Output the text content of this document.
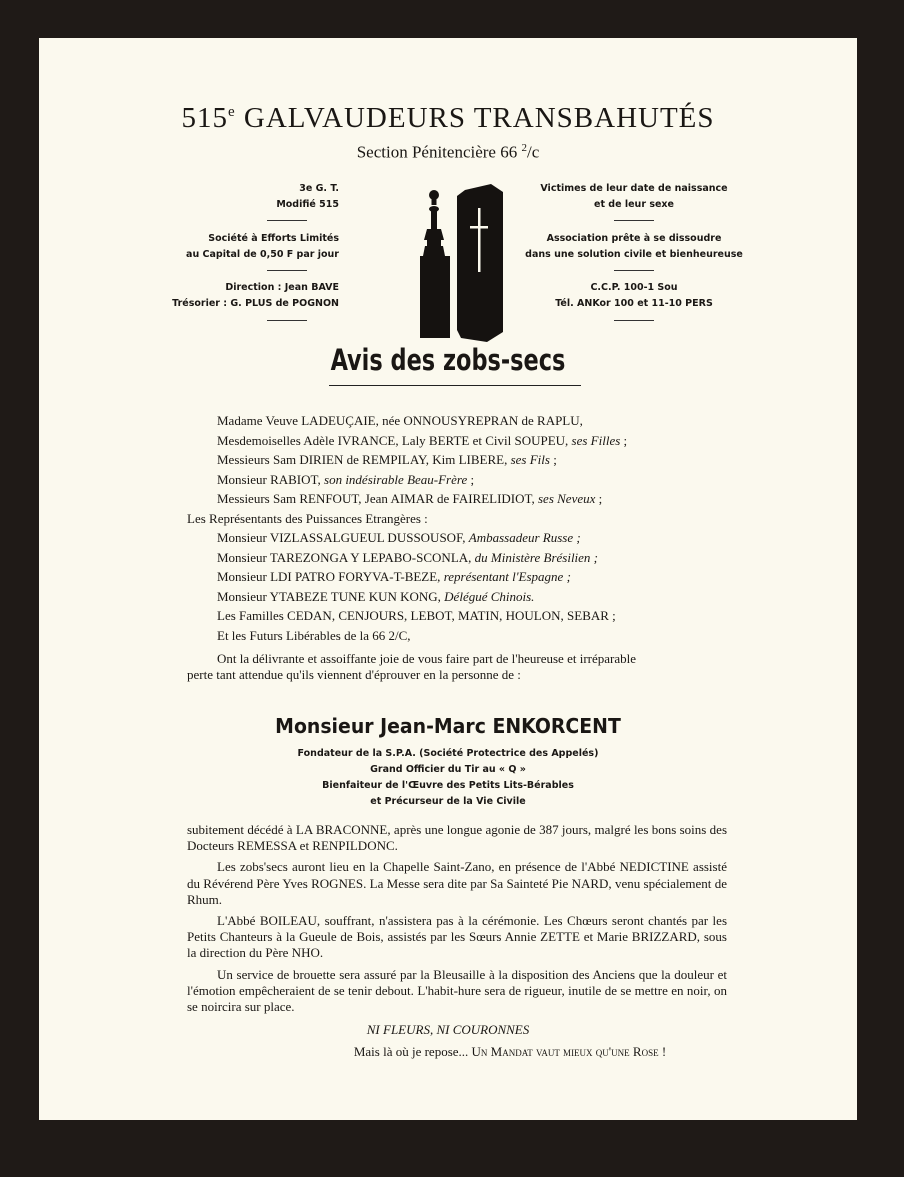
515e GALVAUDEURS TRANSBAHUTÉS
Section Pénitencière 66 $^2$/c
3e G. T.
Modifié 515
Société à Efforts Limités
au Capital de 0,50 F par jour
Direction : Jean BAVE
Trésorier : G. PLUS de POGNON
Victimes de leur date de naissance
et de leur sexe
Association prête à se dissoudre
dans une solution civile et bienheureuse
C.C.P. 100-1 Sou
Tél. ANKor 100 et 11-10 PERS
Avis des zobs-secs
Madame Veuve LADEUÇAIE, née ONNOUSYREPRAN de RAPLU,
Mesdemoiselles Adèle IVRANCE, Laly BERTE et Civil SOUPEU, ses Filles ;
Messieurs Sam DIRIEN de REMPILAY, Kim LIBERE, ses Fils ;
Monsieur RABIOT, son indésirable Beau-Frère ;
Messieurs Sam RENFOUT, Jean AIMAR de FAIRELIDIOT, ses Neveux ;
Les Représentants des Puissances Etrangères :
Monsieur VIZLASSALGUEUL DUSSOUSOF, Ambassadeur Russe ;
Monsieur TAREZONGA Y LEPABO-SCONLA, du Ministère Brésilien ;
Monsieur LDI PATRO FORYVA-T-BEZE, représentant l'Espagne ;
Monsieur YTABEZE TUNE KUN KONG, Délégué Chinois.
Les Familles CEDAN, CENJOURS, LEBOT, MATIN, HOULON, SEBAR ;
Et les Futurs Libérables de la 66 2/C,
Ont la délivrante et assoiffante joie de vous faire part de l'heureuse et irréparable
perte tant attendue qu'ils viennent d'éprouver en la personne de :
Monsieur Jean-Marc ENKORCENT
Fondateur de la S.P.A. (Société Protectrice des Appelés)
Grand Officier du Tir au « Q »
Bienfaiteur de l'Œuvre des Petits Lits-Bérables
et Précurseur de la Vie Civile

subitement décédé à LA BRACONNE, après une longue agonie de 387 jours, malgré les bons soins des Docteurs REMESSA et RENPILDONC.

Les zobs'secs auront lieu en la Chapelle Saint-Zano, en présence de l'Abbé NEDICTINE assisté du Révérend Père Yves ROGNES. La Messe sera dite par Sa Sainteté Pie NARD, venu spécialement de Rhum.

L'Abbé BOILEAU, souffrant, n'assistera pas à la cérémonie. Les Chœurs seront chantés par les Petits Chanteurs à la Gueule de Bois, assistés par les Sœurs Annie ZETTE et Marie BRIZZARD, sous la direction du Père NHO.

Un service de brouette sera assuré par la Bleusaille à la disposition des Anciens que la douleur et l'émotion empêcheraient de se tenir debout. L'habit-hure sera de rigueur, inutile de se mettre en noir, on se noircira sur place.

NI FLEURS, NI COURONNES
Mais là où je repose... Un Mandat vaut mieux qu'une Rose !
